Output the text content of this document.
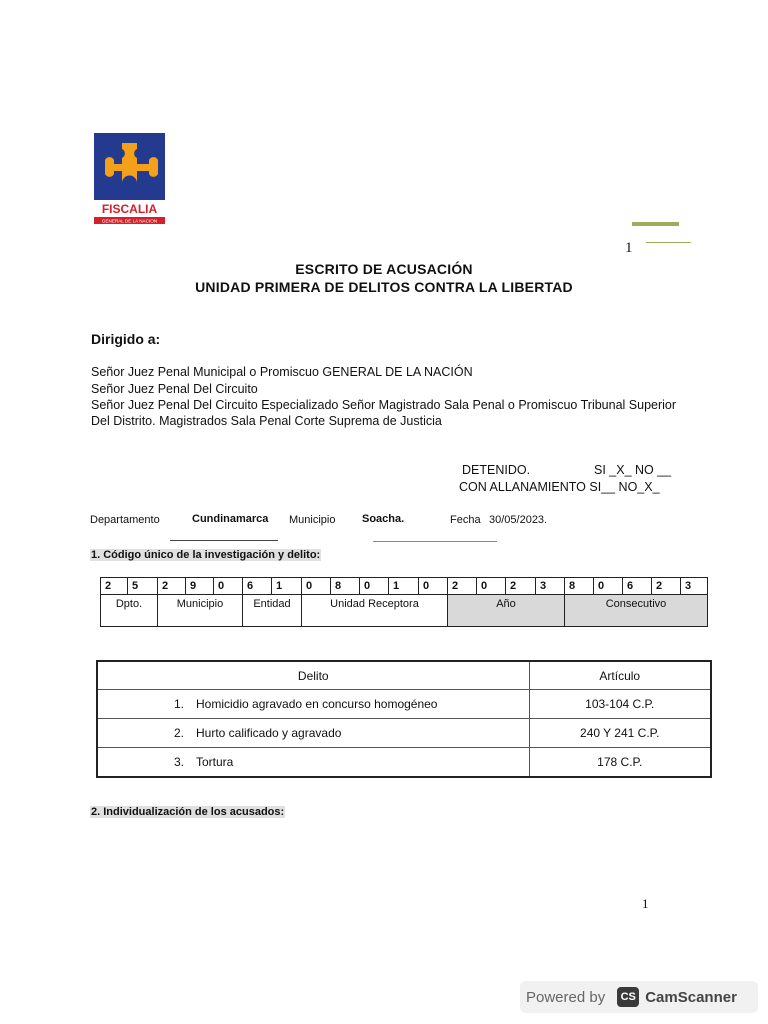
FISCALIA
GENERAL DE LA NACION
1
ESCRITO DE ACUSACIÓN
UNIDAD PRIMERA DE DELITOS CONTRA LA LIBERTAD
Dirigido a:
Señor Juez Penal Municipal o Promiscuo GENERAL DE LA NACIÓN
Señor Juez Penal Del Circuito
Señor Juez Penal Del Circuito Especializado Señor Magistrado Sala Penal o Promiscuo Tribunal Superior
Del Distrito. Magistrados Sala Penal Corte Suprema de Justicia
DETENIDO.	SI _X_ NO __
CON ALLANAMIENTO SI__ NO_X_
Departamento	Cundinamarca Municipio Soacha.	Fecha 30/05/2023.
1. Código único de la investigación y delito:
2	5	2	9	0	6	1	0	8	0	1	0	2	0	2	3	8	0	6	2	3
Dpto.		Municipio			Entidad		Unidad Receptora					Año				Consecutivo				
Delito	Artículo
1. Homicidio agravado en concurso homogéneo	103-104 C.P.
2. Hurto calificado y agravado	240 Y 241 C.P.
3. Tortura	178 C.P.
2. Individualización de los acusados:
1
Powered by	CS CamScanner
